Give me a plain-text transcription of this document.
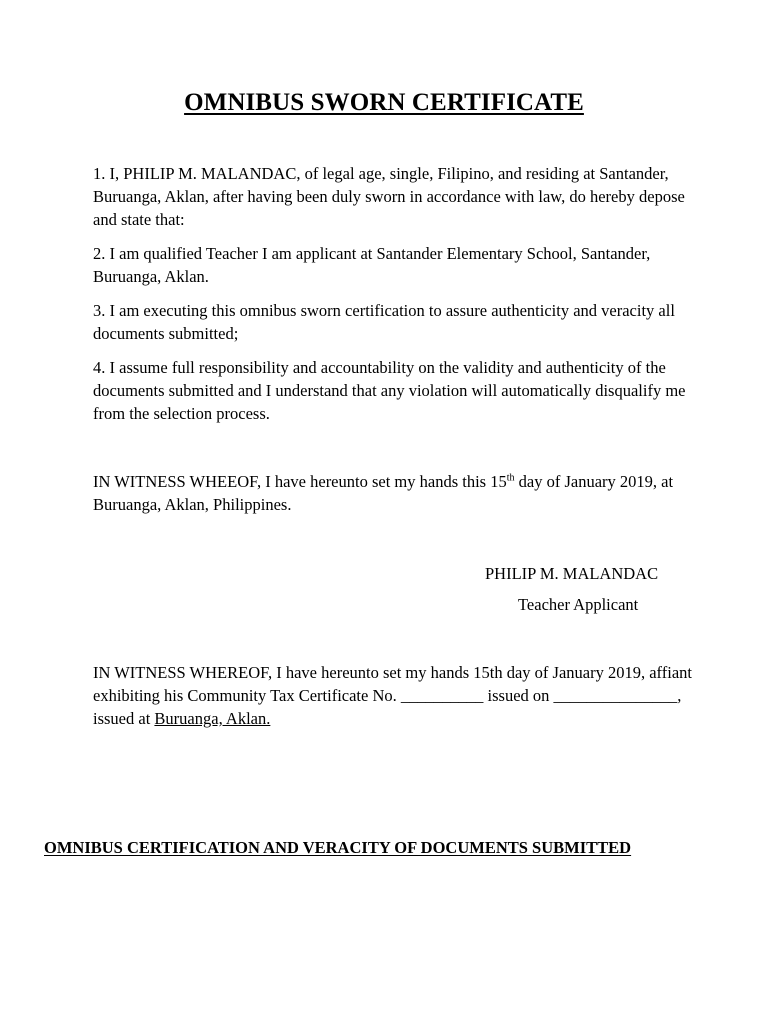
OMNIBUS SWORN CERTIFICATE
1. I, PHILIP M. MALANDAC, of legal age, single, Filipino, and residing at Santander, Buruanga, Aklan, after having been duly sworn in accordance with law, do hereby depose and state that:
2. I am qualified Teacher I am applicant at Santander Elementary School, Santander, Buruanga, Aklan.
3. I am executing this omnibus sworn certification to assure authenticity and veracity all documents submitted;
4. I assume full responsibility and accountability on the validity and authenticity of the documents submitted and I understand that any violation will automatically disqualify me from the selection process.
IN WITNESS WHEEOF, I have hereunto set my hands this 15th day of January 2019, at Buruanga, Aklan, Philippines.
PHILIP M. MALANDAC
Teacher Applicant
IN WITNESS WHEREOF, I have hereunto set my hands 15th day of January 2019, affiant exhibiting his Community Tax Certificate No. __________ issued on _______________, issued at Buruanga, Aklan.
OMNIBUS CERTIFICATION AND VERACITY OF DOCUMENTS SUBMITTED
